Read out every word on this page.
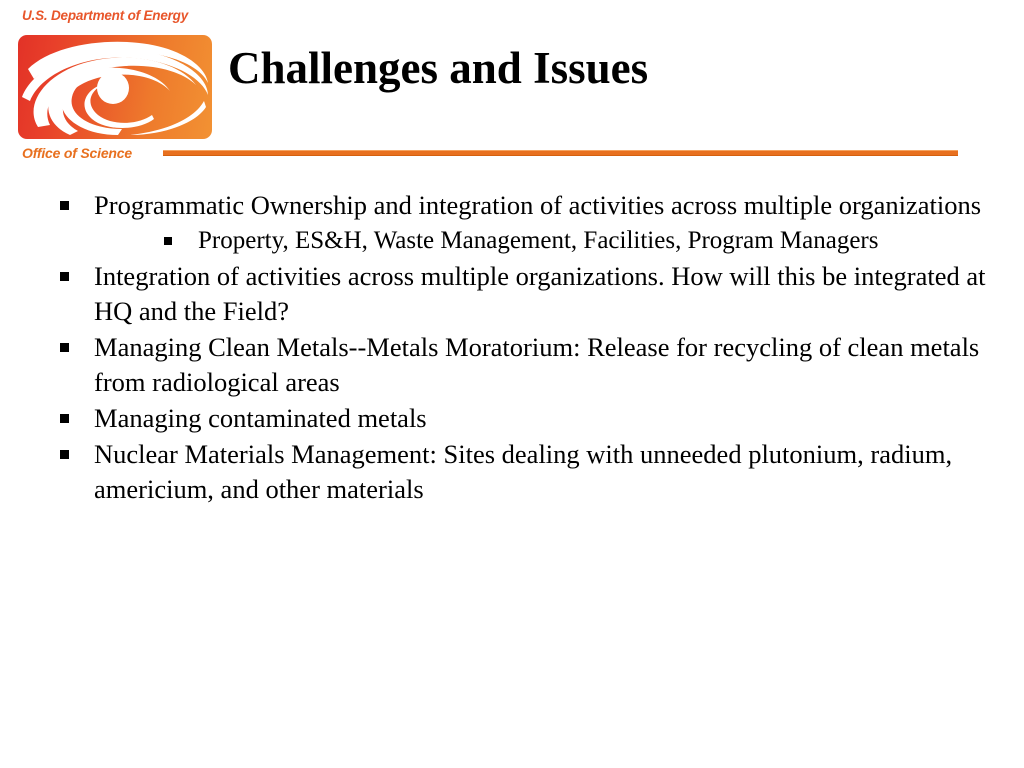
U.S. Department of Energy
Office of Science
Challenges and Issues
Programmatic Ownership and integration of activities across multiple organizations
Property, ES&H, Waste Management, Facilities, Program Managers
Integration of activities across multiple organizations. How will this be integrated at HQ and the Field?
Managing Clean Metals--Metals Moratorium: Release for recycling of clean metals from radiological areas
Managing contaminated metals
Nuclear Materials Management: Sites dealing with unneeded plutonium, radium, americium, and other materials
